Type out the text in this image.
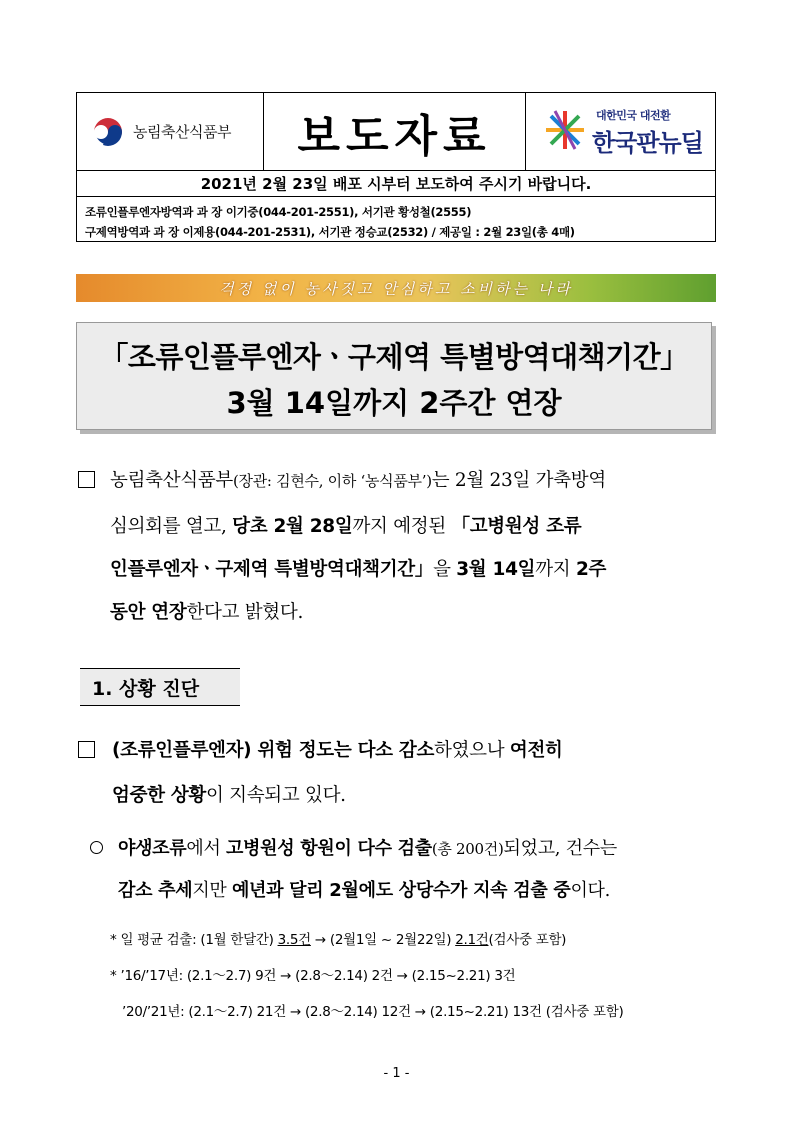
농림축산식품부 보도자료	대한민국 대전환
한국판뉴딜
2021년 2월 23일 배포 시부터 보도하여 주시기 바랍니다.
조류인플루엔자방역과 과 장 이기중(044-201-2551), 서기관 황성철(2555)
구제역방역과 과 장 이제용(044-201-2531), 서기관 정승교(2532) / 제공일 : 2월 23일(총 4매)
걱정 없이 농사짓고 안심하고 소비하는 나라
「조류인플루엔자ㆍ구제역 특별방역대책기간」
3월 14일까지 2주간 연장
농림축산식품부(장관: 김현수, 이하 ‘농식품부’)는 2월 23일 가축방역
심의회를 열고, 당초 2월 28일까지 예정된 「고병원성 조류
인플루엔자ㆍ구제역 특별방역대책기간」을 3월 14일까지 2주
동안 연장한다고 밝혔다.
1. 상황 진단
(조류인플루엔자) 위험 정도는 다소 감소하였으나 여전히
엄중한 상황이 지속되고 있다.
야생조류에서 고병원성 항원이 다수 검출(총 200건)되었고, 건수는
감소 추세지만 예년과 달리 2월에도 상당수가 지속 검출 중이다.
* 일 평균 검출: (1월 한달간) 3.5건 → (2월1일 ~ 2월22일) 2.1건(검사중 포함)
* ’16/’17년: (2.1～2.7) 9건 → (2.8～2.14) 2건 → (2.15~2.21) 3건
’20/’21년: (2.1～2.7) 21건 → (2.8～2.14) 12건 → (2.15~2.21) 13건 (검사중 포함)
- 1 -
